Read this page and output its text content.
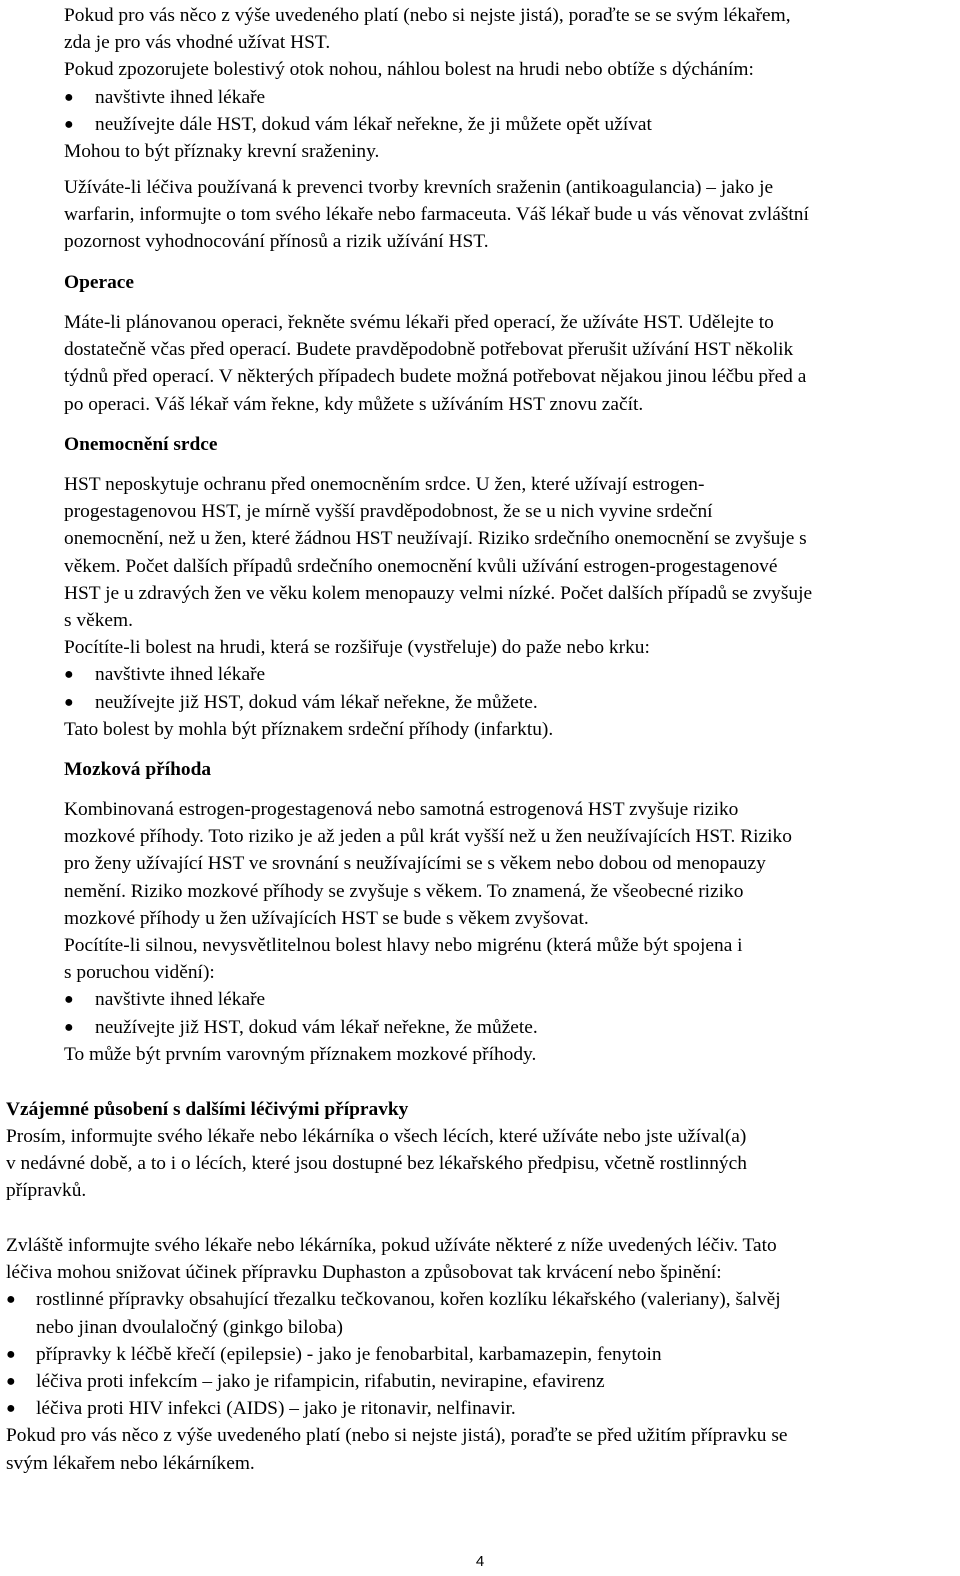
Pokud pro vás něco z výše uvedeného platí (nebo si nejste jistá), poraďte se se svým lékařem,

zda je pro vás vhodné užívat HST.

Pokud zpozorujete bolestivý otok nohou, náhlou bolest na hrudi nebo obtíže s dýcháním:

●	navštivte ihned lékaře
●	neužívejte dále HST, dokud vám lékař neřekne, že ji můžete opět užívat

Mohou to být příznaky krevní sraženiny.

Užíváte-li léčiva používaná k prevenci tvorby krevních sraženin (antikoagulancia) – jako je

warfarin, informujte o tom svého lékaře nebo farmaceuta. Váš lékař bude u vás věnovat zvláštní

pozornost vyhodnocování přínosů a rizik užívání HST.

Operace

Máte-li plánovanou operaci, řekněte svému lékaři před operací, že užíváte HST. Udělejte to

dostatečně včas před operací. Budete pravděpodobně potřebovat přerušit užívání HST několik

týdnů před operací. V některých případech budete možná potřebovat nějakou jinou léčbu před a

po operaci. Váš lékař vám řekne, kdy můžete s užíváním HST znovu začít.

Onemocnění srdce

HST neposkytuje ochranu před onemocněním srdce. U žen, které užívají estrogen-

progestagenovou HST, je mírně vyšší pravděpodobnost, že se u nich vyvine srdeční

onemocnění, než u žen, které žádnou HST neužívají. Riziko srdečního onemocnění se zvyšuje s

věkem. Počet dalších případů srdečního onemocnění kvůli užívání estrogen-progestagenové

HST je u zdravých žen ve věku kolem menopauzy velmi nízké. Počet dalších případů se zvyšuje

s věkem.

Pocítíte-li bolest na hrudi, která se rozšiřuje (vystřeluje) do paže nebo krku:

●	navštivte ihned lékaře
●	neužívejte již HST, dokud vám lékař neřekne, že můžete.

Tato bolest by mohla být příznakem srdeční příhody (infarktu).

Mozková příhoda

Kombinovaná estrogen-progestagenová nebo samotná estrogenová HST zvyšuje riziko

mozkové příhody. Toto riziko je až jeden a půl krát vyšší než u žen neužívajících HST. Riziko

pro ženy užívající HST ve srovnání s neužívajícími se s věkem nebo dobou od menopauzy

nemění. Riziko mozkové příhody se zvyšuje s věkem. To znamená, že všeobecné riziko

mozkové příhody u žen užívajících HST se bude s věkem zvyšovat.

Pocítíte-li silnou, nevysvětlitelnou bolest hlavy nebo migrénu (která může být spojena i

s poruchou vidění):

●	navštivte ihned lékaře
●	neužívejte již HST, dokud vám lékař neřekne, že můžete.

To může být prvním varovným příznakem mozkové příhody.

Vzájemné působení s dalšími léčivými přípravky

Prosím, informujte svého lékaře nebo lékárníka o všech lécích, které užíváte nebo jste užíval(a)

v nedávné době, a to i o lécích, které jsou dostupné bez lékařského předpisu, včetně rostlinných

přípravků.

Zvláště informujte svého lékaře nebo lékárníka, pokud užíváte některé z níže uvedených léčiv. Tato

léčiva mohou snižovat účinek přípravku Duphaston a způsobovat tak krvácení nebo špinění:

●	rostlinné přípravky obsahující třezalku tečkovanou, kořen kozlíku lékařského (valeriany), šalvěj
nebo jinan dvoulaločný (ginkgo biloba)
●	přípravky k léčbě křečí (epilepsie) - jako je fenobarbital, karbamazepin, fenytoin
●	léčiva proti infekcím – jako je rifampicin, rifabutin, nevirapine, efavirenz
●	léčiva proti HIV infekci (AIDS) – jako je ritonavir, nelfinavir.

Pokud pro vás něco z výše uvedeného platí (nebo si nejste jistá), poraďte se před užitím přípravku se

svým lékařem nebo lékárníkem.

4
